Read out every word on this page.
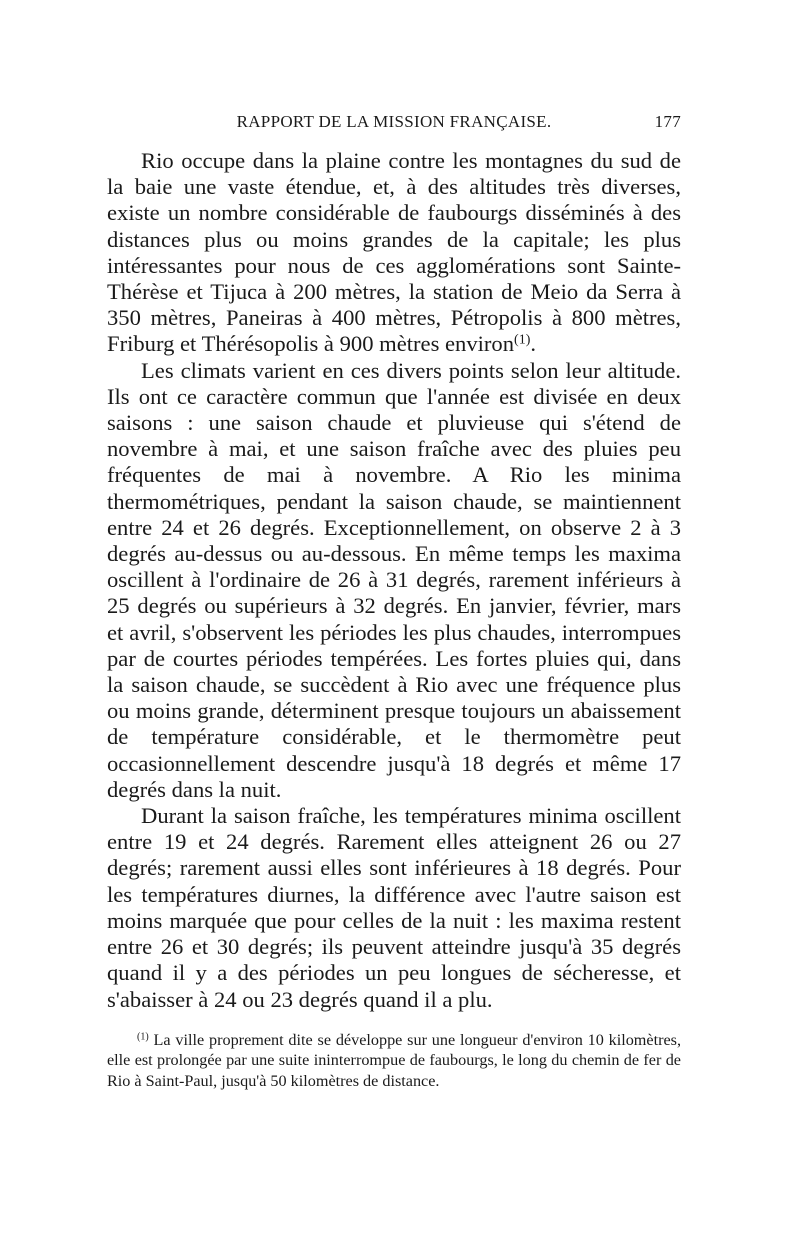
RAPPORT DE LA MISSION FRANÇAISE.	177

Rio occupe dans la plaine contre les montagnes du sud de la baie une vaste étendue, et, à des altitudes très diverses, existe un nombre considérable de faubourgs disséminés à des distances plus ou moins grandes de la capitale; les plus intéressantes pour nous de ces agglomérations sont Sainte-Thérèse et Tijuca à 200 mètres, la station de Meio da Serra à 350 mètres, Paneiras à 400 mètres, Pétropolis à 800 mètres, Friburg et Thérésopolis à 900 mètres environ$^{(1)}$.

Les climats varient en ces divers points selon leur altitude. Ils ont ce caractère commun que l'année est divisée en deux saisons : une saison chaude et pluvieuse qui s'étend de novembre à mai, et une saison fraîche avec des pluies peu fréquentes de mai à novembre. A Rio les minima thermométriques, pendant la saison chaude, se maintiennent entre 24 et 26 degrés. Exceptionnellement, on observe 2 à 3 degrés au-dessus ou au-dessous. En même temps les maxima oscillent à l'ordinaire de 26 à 31 degrés, rarement inférieurs à 25 degrés ou supérieurs à 32 degrés. En janvier, février, mars et avril, s'observent les périodes les plus chaudes, interrompues par de courtes périodes tempérées. Les fortes pluies qui, dans la saison chaude, se succèdent à Rio avec une fréquence plus ou moins grande, déterminent presque toujours un abaissement de température considérable, et le thermomètre peut occasionnellement descendre jusqu'à 18 degrés et même 17 degrés dans la nuit.

Durant la saison fraîche, les températures minima oscillent entre 19 et 24 degrés. Rarement elles atteignent 26 ou 27 degrés; rarement aussi elles sont inférieures à 18 degrés. Pour les températures diurnes, la différence avec l'autre saison est moins marquée que pour celles de la nuit : les maxima restent entre 26 et 30 degrés; ils peuvent atteindre jusqu'à 35 degrés quand il y a des périodes un peu longues de sécheresse, et s'abaisser à 24 ou 23 degrés quand il a plu.

$^{(1)}$ La ville proprement dite se développe sur une longueur d'environ 10 kilomètres, elle est prolongée par une suite ininterrompue de faubourgs, le long du chemin de fer de Rio à Saint-Paul, jusqu'à 50 kilomètres de distance.
